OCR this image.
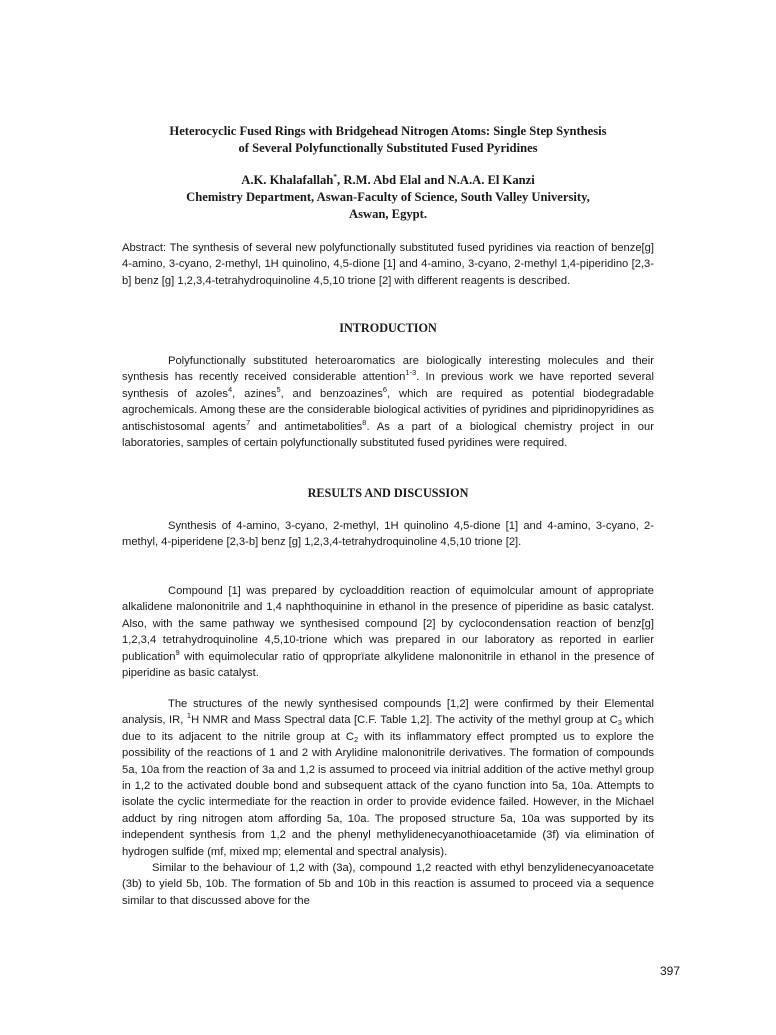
Heterocyclic Fused Rings with Bridgehead Nitrogen Atoms: Single Step Synthesis
of Several Polyfunctionally Substituted Fused Pyridines
A.K. Khalafallah*, R.M. Abd Elal and N.A.A. El Kanzi
Chemistry Department, Aswan-Faculty of Science, South Valley University,
Aswan, Egypt.
Abstract: The synthesis of several new polyfunctionally substituted fused pyridines via reaction of benze[g] 4-amino, 3-cyano, 2-methyl, 1H quinolino, 4,5-dione [1] and 4-amino, 3-cyano, 2-methyl 1,4-piperidino [2,3-b] benz [g] 1,2,3,4-tetrahydroquinoline 4,5,10 trione [2] with different reagents is described.
INTRODUCTION

Polyfunctionally substituted heteroaromatics are biologically interesting molecules and their synthesis has recently received considerable attention$^{1-3}$. In previous work we have reported several synthesis of azoles$^4$, azines$^5$, and benzoazines$^6$, which are required as potential biodegradable agrochemicals. Among these are the considerable biological activities of pyridines and pipridinopyridines as antischistosomal agents$^7$ and antimetabolities$^8$. As a part of a biological chemistry project in our laboratories, samples of certain polyfunctionally substituted fused pyridines were required.

RESULTS AND DISCUSSION

Synthesis of 4-amino, 3-cyano, 2-methyl, 1H quinolino 4,5-dione [1] and 4-amino, 3-cyano, 2-methyl, 4-piperidene [2,3-b] benz [g] 1,2,3,4-tetrahydroquinoline 4,5,10 trione [2].

Compound [1] was prepared by cycloaddition reaction of equimolcular amount of appropriate alkalidene malononitrile and 1,4 naphthoquinine in ethanol in the presence of piperidine as basic catalyst. Also, with the same pathway we synthesised compound [2] by cyclocondensation reaction of benz[g] 1,2,3,4 tetrahydroquinoline 4,5,10-trione which was prepared in our laboratory as reported in earlier publication$^9$ with equimolecular ratio of qpproprïate alkylidene malononitrile in ethanol in the presence of piperidine as basic catalyst.

The structures of the newly synthesised compounds [1,2] were confirmed by their Elemental analysis, IR, $^1$H NMR and Mass Spectral data [C.F. Table 1,2]. The activity of the methyl group at $C_3$ which due to its adjacent to the nitrile group at $C_2$ with its inflammatory effect prompted us to explore the possibility of the reactions of 1 and 2 with Arylidine malononitrile derivatives. The formation of compounds 5a, 10a from the reaction of 3a and 1,2 is assumed to proceed via initrial addition of the active methyl group in 1,2 to the activated double bond and subsequent attack of the cyano function into 5a, 10a. Attempts to isolate the cyclic intermediate for the reaction in order to provide evidence failed. However, in the Michael adduct by ring nitrogen atom affording 5a, 10a. The proposed structure 5a, 10a was supported by its independent synthesis from 1,2 and the phenyl methylidenecyanothioacetamide (3f) via elimination of hydrogen sulfide (mf, mixed mp; elemental and spectral analysis).

Similar to the behaviour of 1,2 with (3a), compound 1,2 reacted with ethyl benzylidenecyanoacetate (3b) to yield 5b, 10b. The formation of 5b and 10b in this reaction is assumed to proceed via a sequence similar to that discussed above for the

397
